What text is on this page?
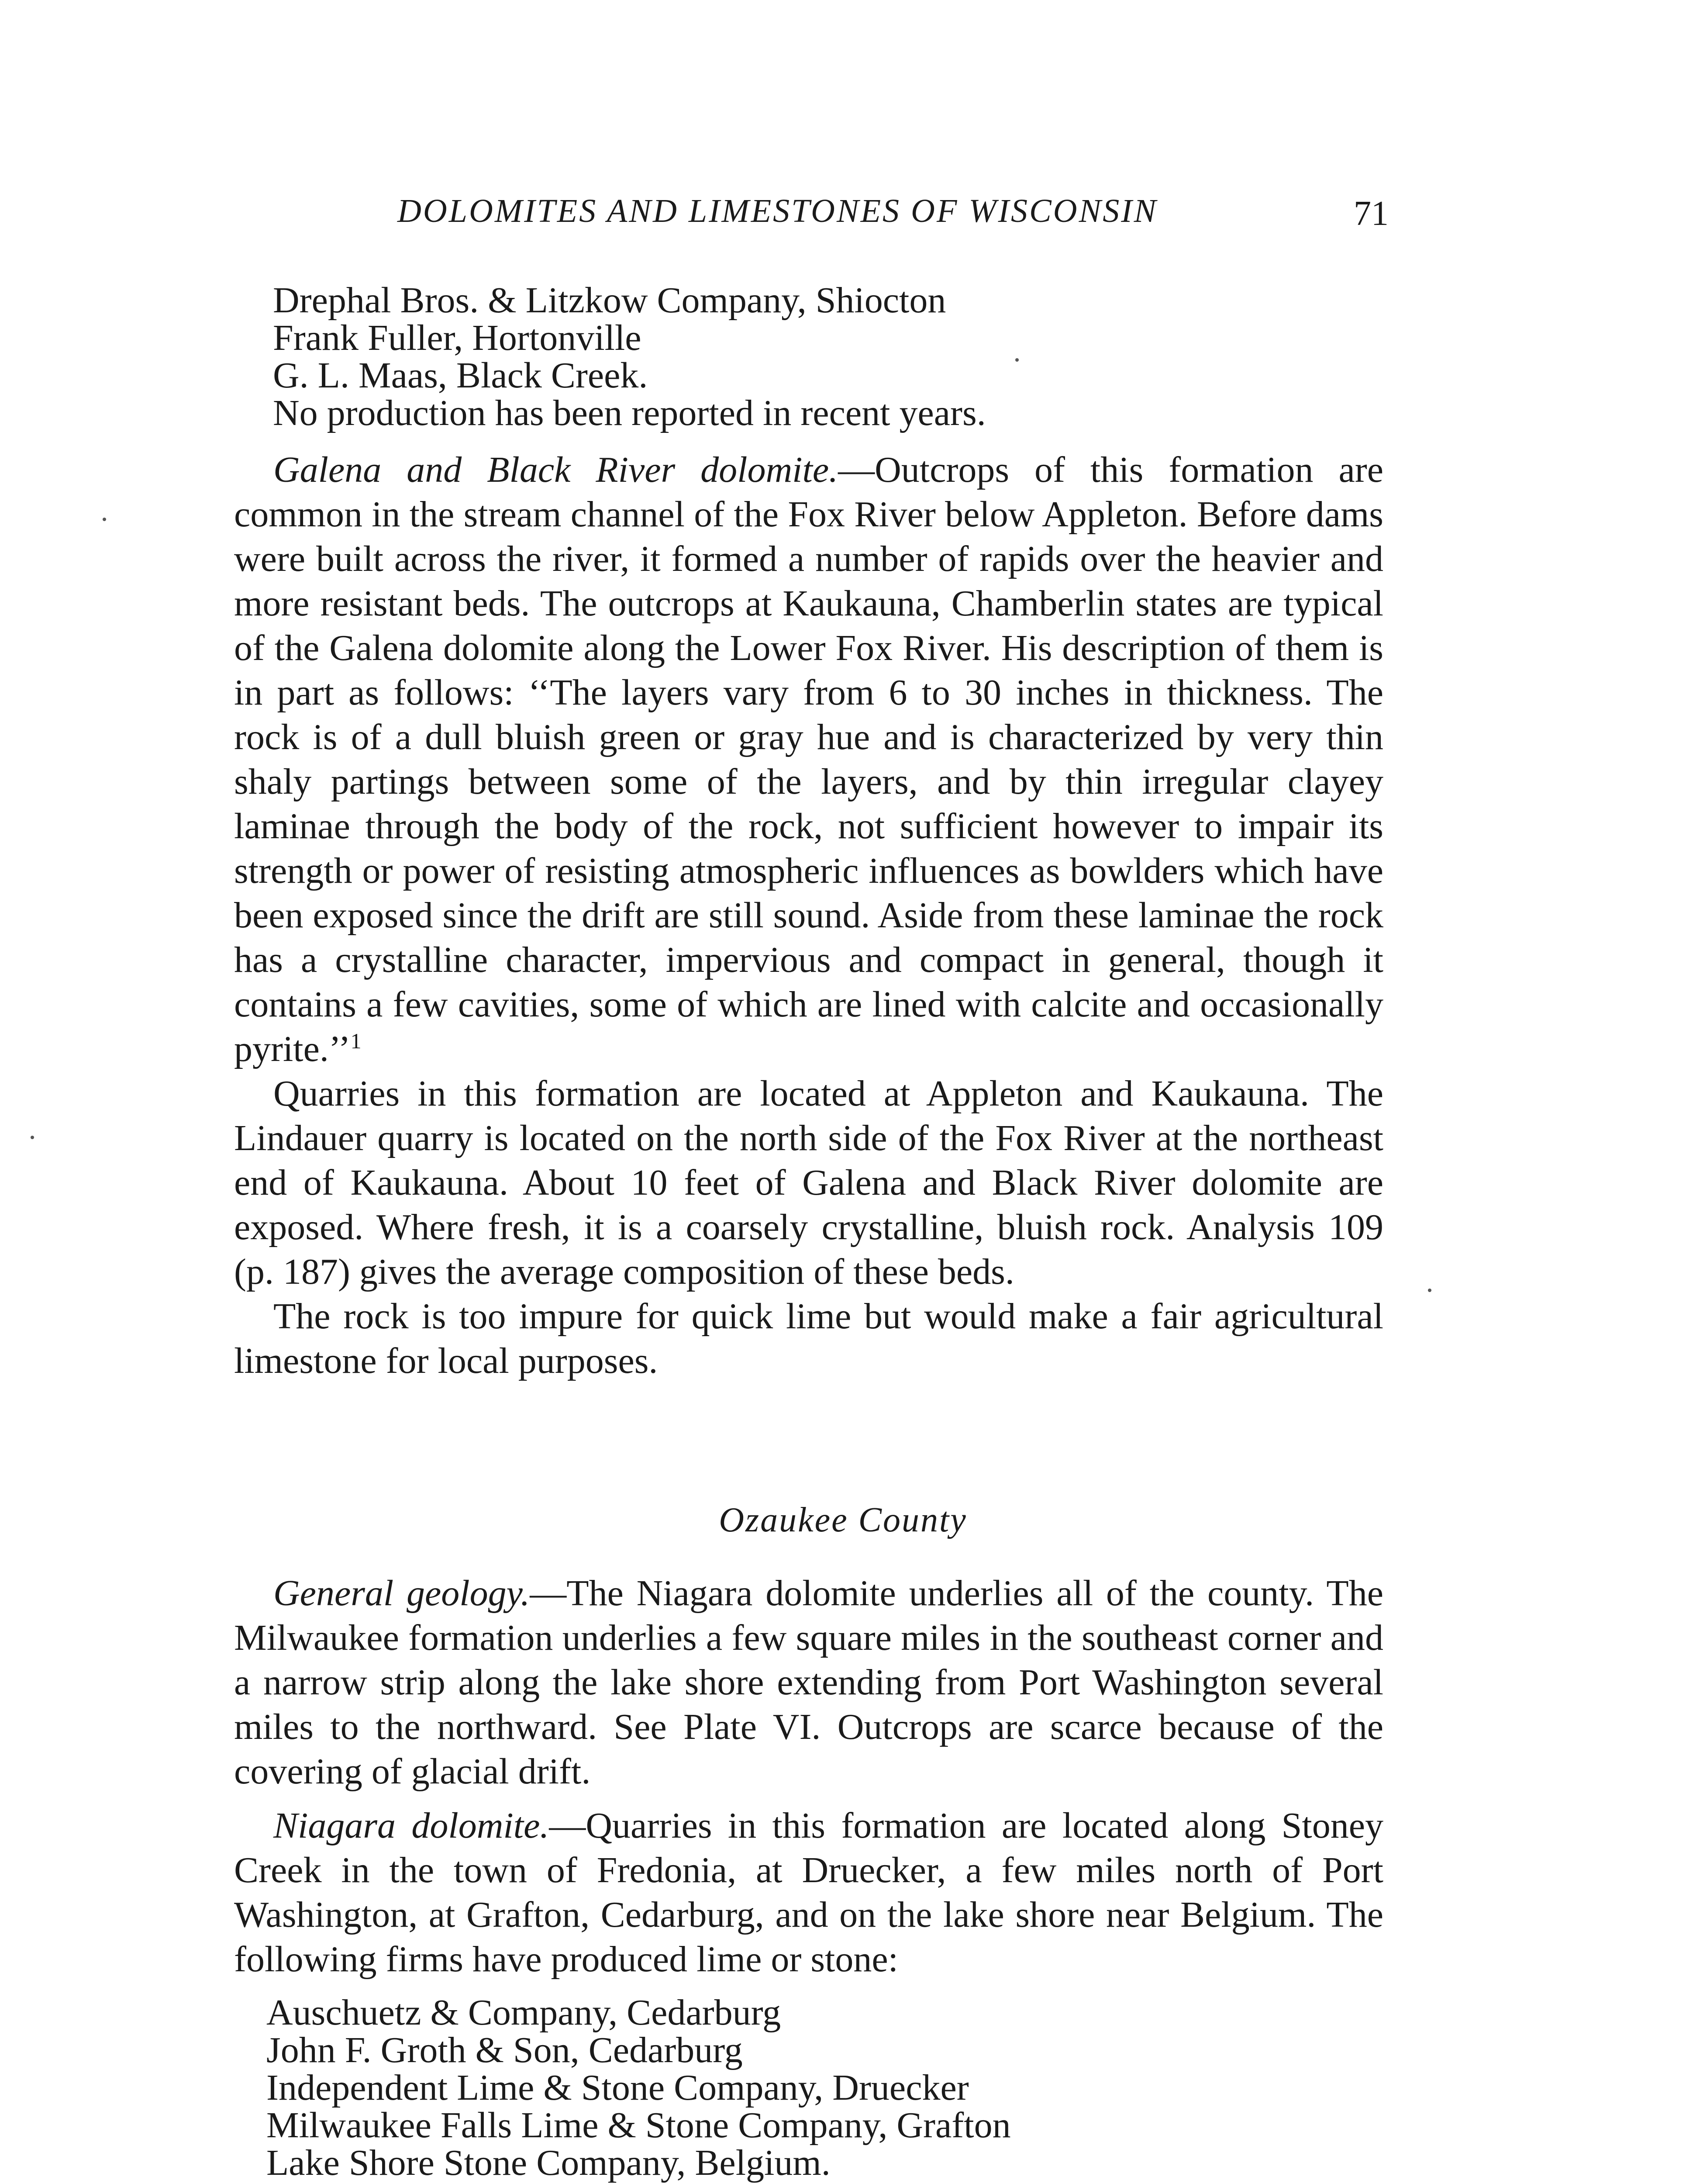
DOLOMITES AND LIMESTONES OF WISCONSIN	71
Drephal Bros. & Litzkow Company, Shiocton
Frank Fuller, Hortonville
G. L. Maas, Black Creek.
No production has been reported in recent years.

Galena and Black River dolomite.—Outcrops of this formation are common in the stream channel of the Fox River below Appleton. Before dams were built across the river, it formed a number of rapids over the heavier and more resistant beds. The outcrops at Kaukauna, Chamberlin states are typical of the Galena dolomite along the Lower Fox River. His description of them is in part as follows: ‘‘The layers vary from 6 to 30 inches in thickness. The rock is of a dull bluish green or gray hue and is characterized by very thin shaly partings between some of the layers, and by thin irregular clayey laminae through the body of the rock, not sufficient however to impair its strength or power of resisting atmospheric influences as bowlders which have been exposed since the drift are still sound. Aside from these laminae the rock has a crystalline character, impervious and compact in general, though it contains a few cavities, some of which are lined with calcite and occasionally pyrite.’’$^1$

Quarries in this formation are located at Appleton and Kaukauna. The Lindauer quarry is located on the north side of the Fox River at the northeast end of Kaukauna. About 10 feet of Galena and Black River dolomite are exposed. Where fresh, it is a coarsely crystalline, bluish rock. Analysis 109 (p. 187) gives the average composition of these beds.

The rock is too impure for quick lime but would make a fair agricultural limestone for local purposes.

Ozaukee County

General geology.—The Niagara dolomite underlies all of the county. The Milwaukee formation underlies a few square miles in the southeast corner and a narrow strip along the lake shore extending from Port Washington several miles to the northward. See Plate VI. Outcrops are scarce because of the covering of glacial drift.

Niagara dolomite.—Quarries in this formation are located along Stoney Creek in the town of Fredonia, at Druecker, a few miles north of Port Washington, at Grafton, Cedarburg, and on the lake shore near Belgium. The following firms have produced lime or stone:

Auschuetz & Company, Cedarburg
John F. Groth & Son, Cedarburg
Independent Lime & Stone Company, Druecker
Milwaukee Falls Lime & Stone Company, Grafton
Lake Shore Stone Company, Belgium.
